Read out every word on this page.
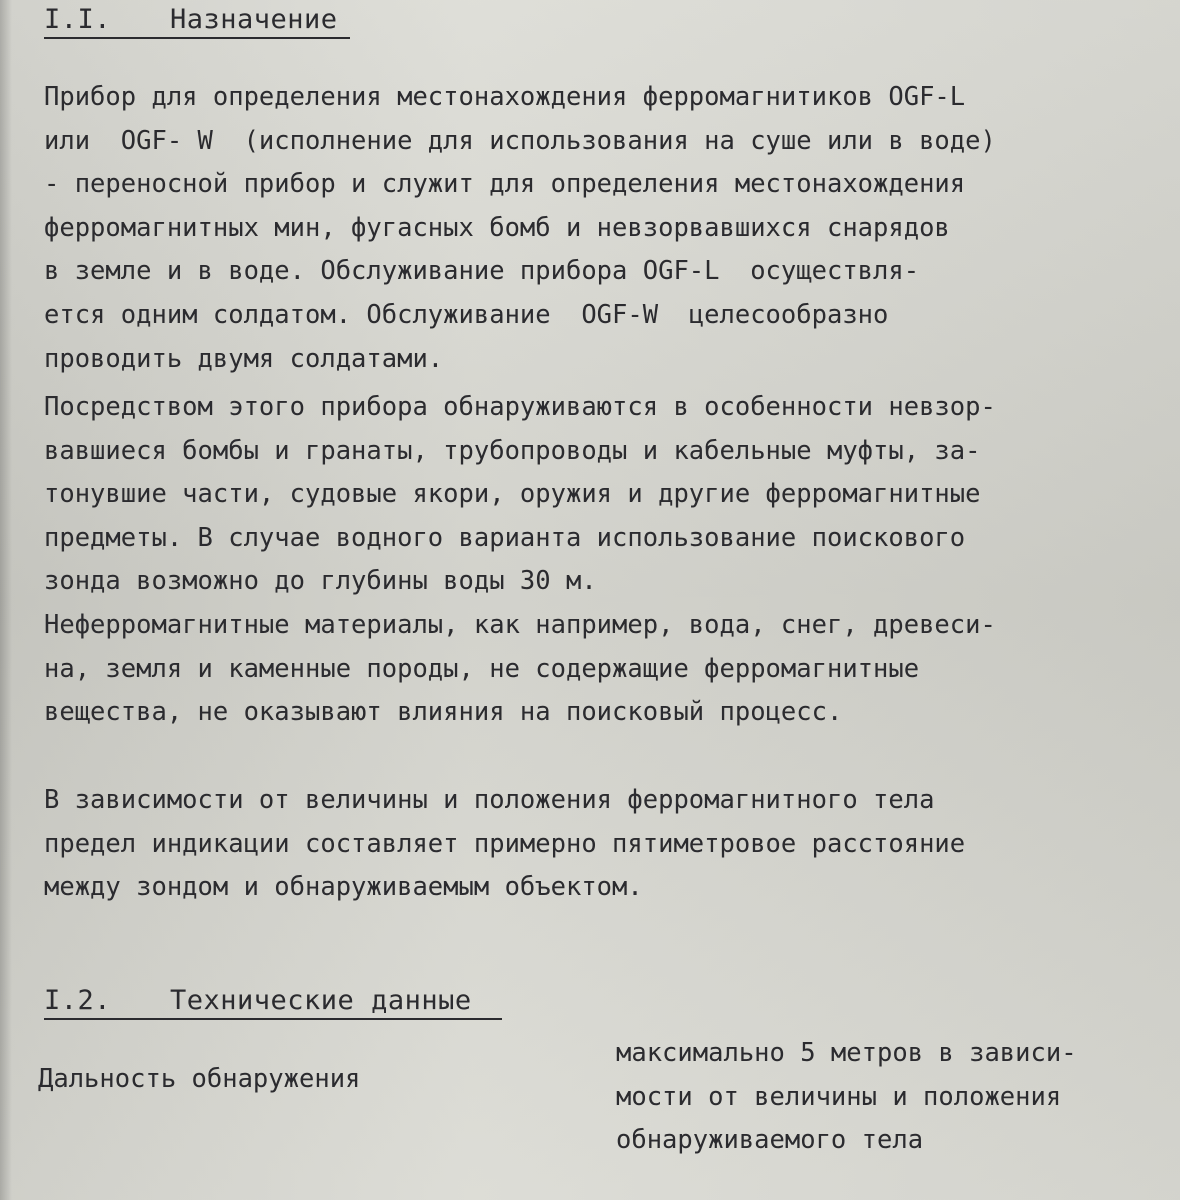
I.I. Назначение
Прибор для определения местонахождения ферромагнитиков OGF-L
или  OGF- W  (исполнение для использования на суше или в воде)
- переносной прибор и служит для определения местонахождения
ферромагнитных мин, фугасных бомб и невзорвавшихся снарядов
в земле и в воде. Обслуживание прибора OGF-L  осуществля-
ется одним солдатом. Обслуживание  OGF-W  целесообразно
проводить двумя солдатами.
Посредством этого прибора обнаруживаются в особенности невзор-
вавшиеся бомбы и гранаты, трубопроводы и кабельные муфты, за-
тонувшие части, судовые якори, оружия и другие ферромагнитные
предметы. В случае водного варианта использование поискового
зонда возможно до глубины воды 30 м.
Неферромагнитные материалы, как например, вода, снег, древеси-
на, земля и каменные породы, не содержащие ферромагнитные
вещества, не оказывают влияния на поисковый процесс.
В зависимости от величины и положения ферромагнитного тела
предел индикации составляет примерно пятиметровое расстояние
между зондом и обнаруживаемым объектом.
I.2. Технические данные
Дальность обнаружения
максимально 5 метров в зависи-
мости от величины и положения
обнаруживаемого тела
